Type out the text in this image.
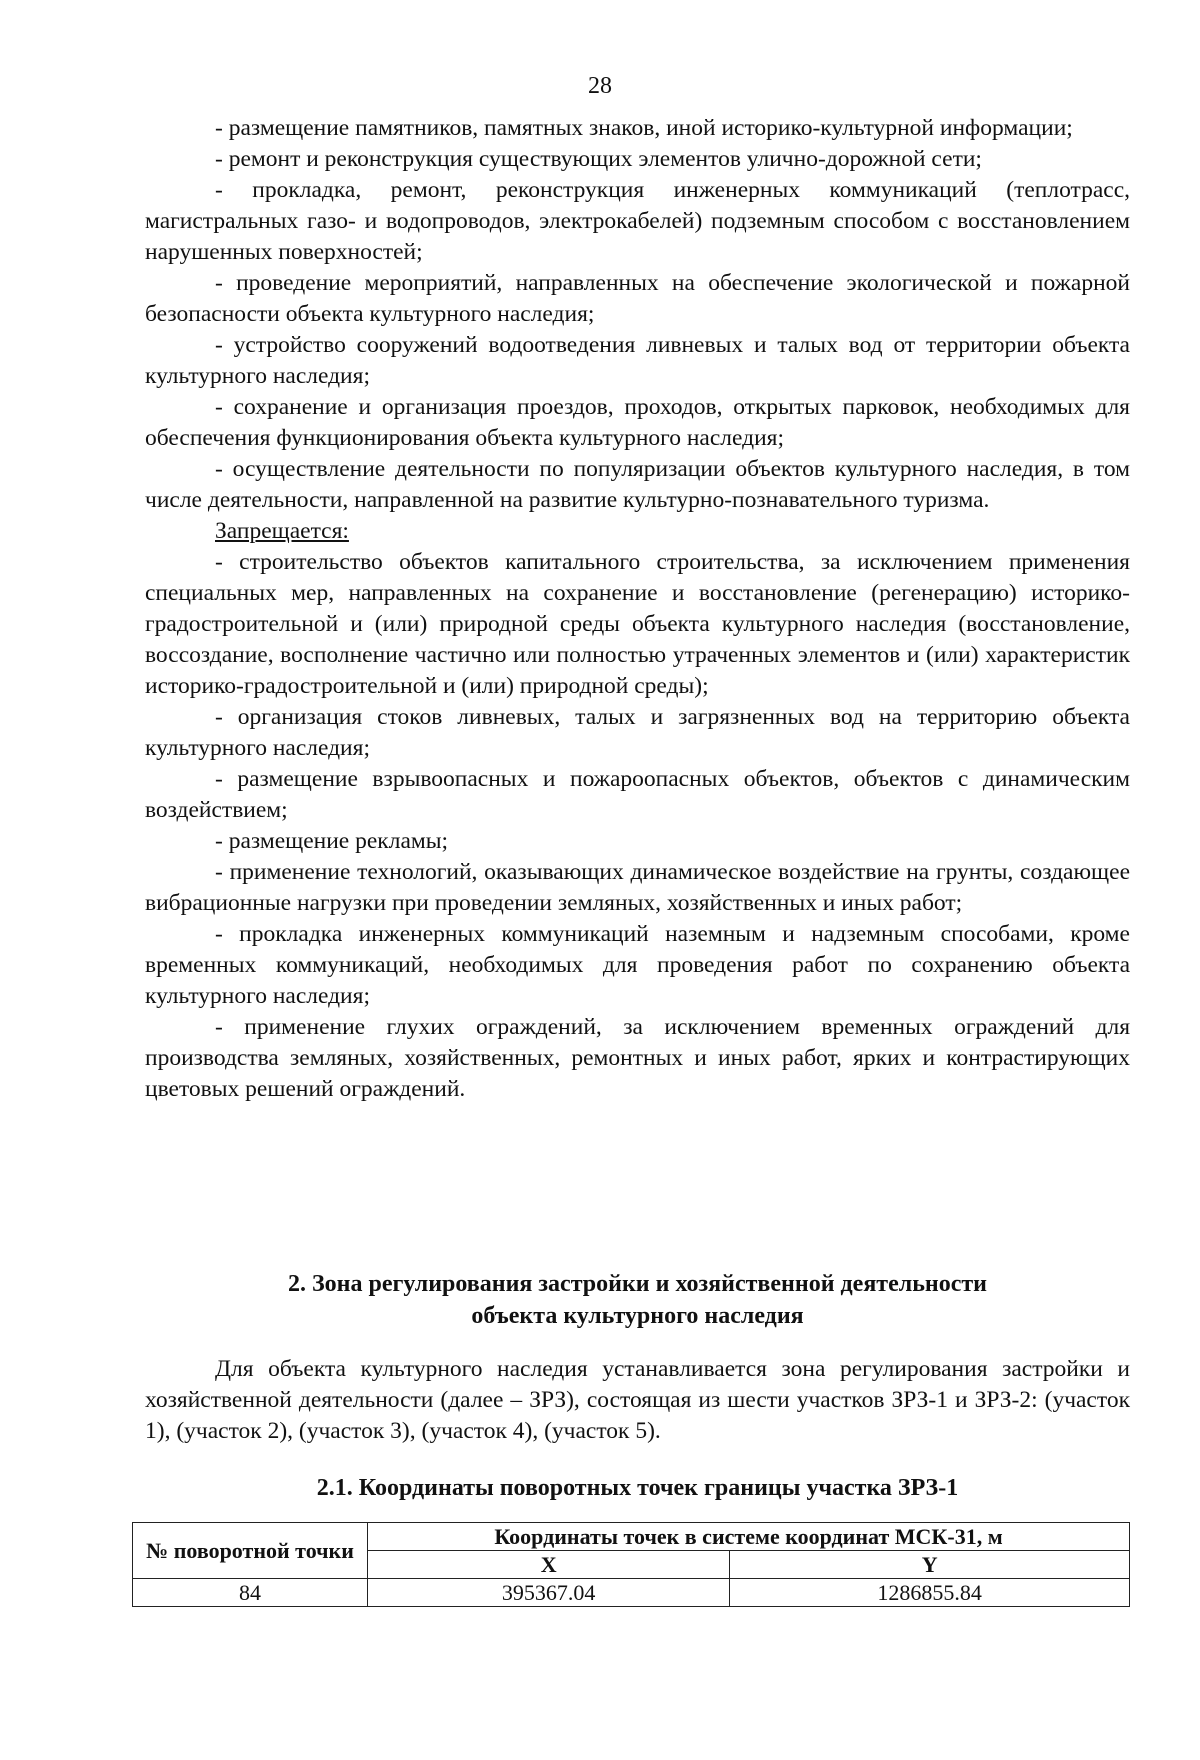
28

- размещение памятников, памятных знаков, иной историко-культурной информации;

- ремонт и реконструкция существующих элементов улично-дорожной сети;

- прокладка, ремонт, реконструкция инженерных коммуникаций (теплотрасс, магистральных газо- и водопроводов, электрокабелей) подземным способом с восстановлением нарушенных поверхностей;

- проведение мероприятий, направленных на обеспечение экологической и пожарной безопасности объекта культурного наследия;

- устройство сооружений водоотведения ливневых и талых вод от территории объекта культурного наследия;

- сохранение и организация проездов, проходов, открытых парковок, необходимых для обеспечения функционирования объекта культурного наследия;

- осуществление деятельности по популяризации объектов культурного наследия, в том числе деятельности, направленной на развитие культурно-познавательного туризма.

Запрещается:

- строительство объектов капитального строительства, за исключением применения специальных мер, направленных на сохранение и восстановление (регенерацию) историко-градостроительной и (или) природной среды объекта культурного наследия (восстановление, воссоздание, восполнение частично или полностью утраченных элементов и (или) характеристик историко-градостроительной и (или) природной среды);

- организация стоков ливневых, талых и загрязненных вод на территорию объекта культурного наследия;

- размещение взрывоопасных и пожароопасных объектов, объектов с динамическим воздействием;

- размещение рекламы;

- применение технологий, оказывающих динамическое воздействие на грунты, создающее вибрационные нагрузки при проведении земляных, хозяйственных и иных работ;

- прокладка инженерных коммуникаций наземным и надземным способами, кроме временных коммуникаций, необходимых для проведения работ по сохранению объекта культурного наследия;

- применение глухих ограждений, за исключением временных ограждений для производства земляных, хозяйственных, ремонтных и иных работ, ярких и контрастирующих цветовых решений ограждений.

2. Зона регулирования застройки и хозяйственной деятельности
объекта культурного наследия

Для объекта культурного наследия устанавливается зона регулирования застройки и хозяйственной деятельности (далее – ЗРЗ), состоящая из шести участков ЗРЗ-1 и ЗРЗ-2: (участок 1), (участок 2), (участок 3), (участок 4), (участок 5).

2.1. Координаты поворотных точек границы участка ЗРЗ-1
№ поворотной точки	Координаты точек в системе координат МСК-31, м	
	X	Y
84	395367.04	1286855.84
